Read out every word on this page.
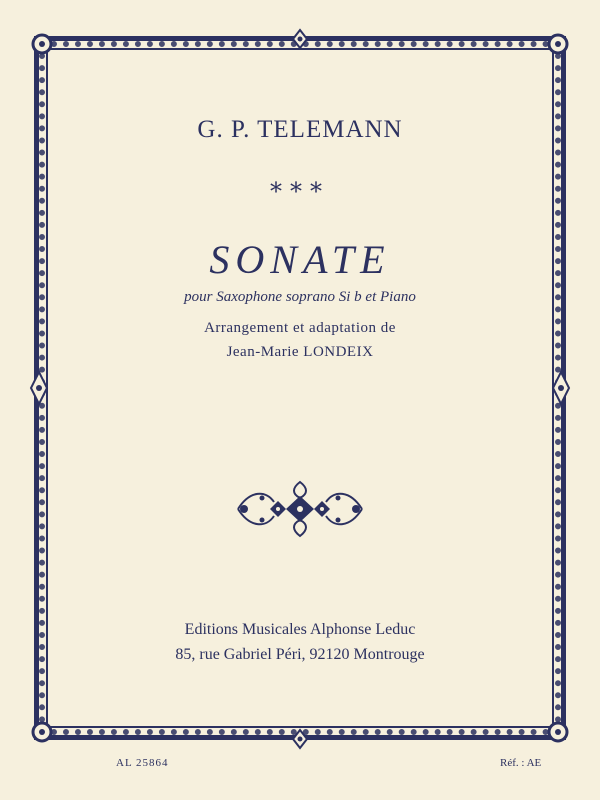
G. P. TELEMANN
⁎⁎⁎
SONATE
pour Saxophone soprano Si b et Piano
Arrangement et adaptation de
Jean-Marie LONDEIX
Editions Musicales Alphonse Leduc
85, rue Gabriel Péri, 92120 Montrouge
AL 25864	Réf. : AE
